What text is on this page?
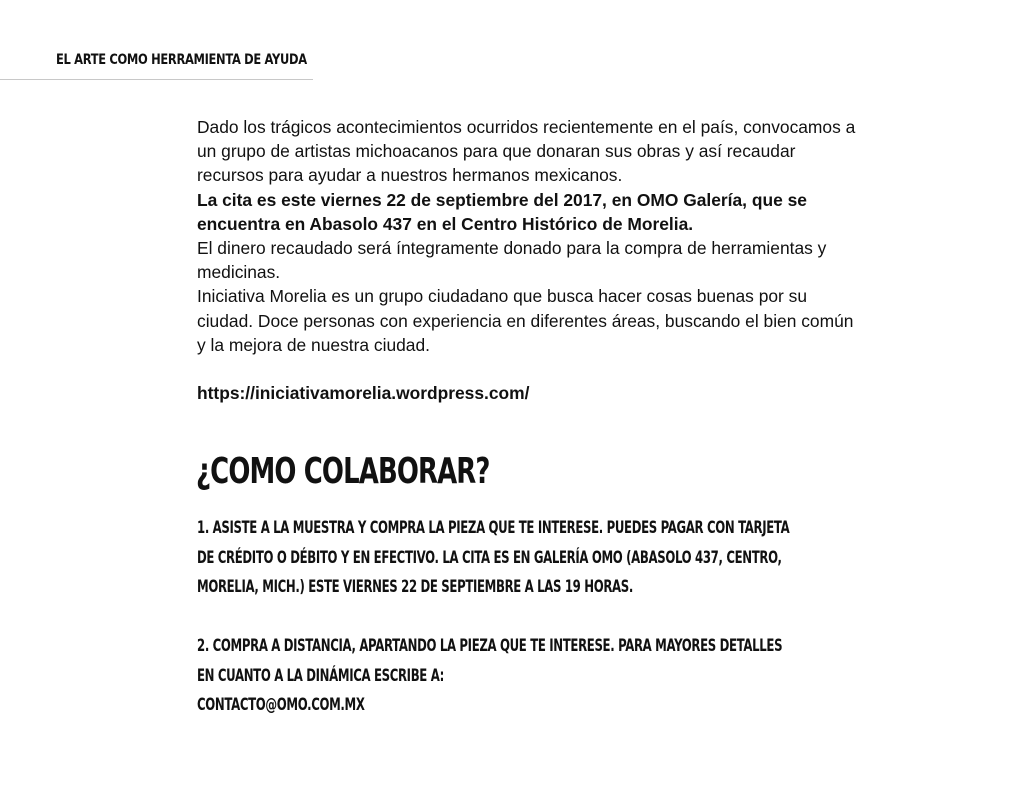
EL ARTE COMO HERRAMIENTA DE AYUDA

Dado los trágicos acontecimientos ocurridos recientemente en el país, convocamos a un grupo de artistas michoacanos para que donaran sus obras y así recaudar recursos para ayudar a nuestros hermanos mexicanos.

La cita es este viernes 22 de septiembre del 2017, en OMO Galería, que se encuentra en Abasolo 437 en el Centro Histórico de Morelia.

El dinero recaudado será íntegramente donado para la compra de herramientas y medicinas.

Iniciativa Morelia es un grupo ciudadano que busca hacer cosas buenas por su ciudad. Doce personas con experiencia en diferentes áreas, buscando el bien común y la mejora de nuestra ciudad.

https://iniciativamorelia.wordpress.com/

¿COMO COLABORAR?
1. ASISTE A LA MUESTRA Y COMPRA LA PIEZA QUE TE INTERESE. PUEDES PAGAR CON TARJETA
DE CRÉDITO O DÉBITO Y EN EFECTIVO. LA CITA ES EN GALERÍA OMO (ABASOLO 437, CENTRO,
MORELIA, MICH.) ESTE VIERNES 22 DE SEPTIEMBRE A LAS 19 HORAS.
2. COMPRA A DISTANCIA, APARTANDO LA PIEZA QUE TE INTERESE. PARA MAYORES DETALLES
EN CUANTO A LA DINÁMICA ESCRIBE A:
CONTACTO@OMO.COM.MX
